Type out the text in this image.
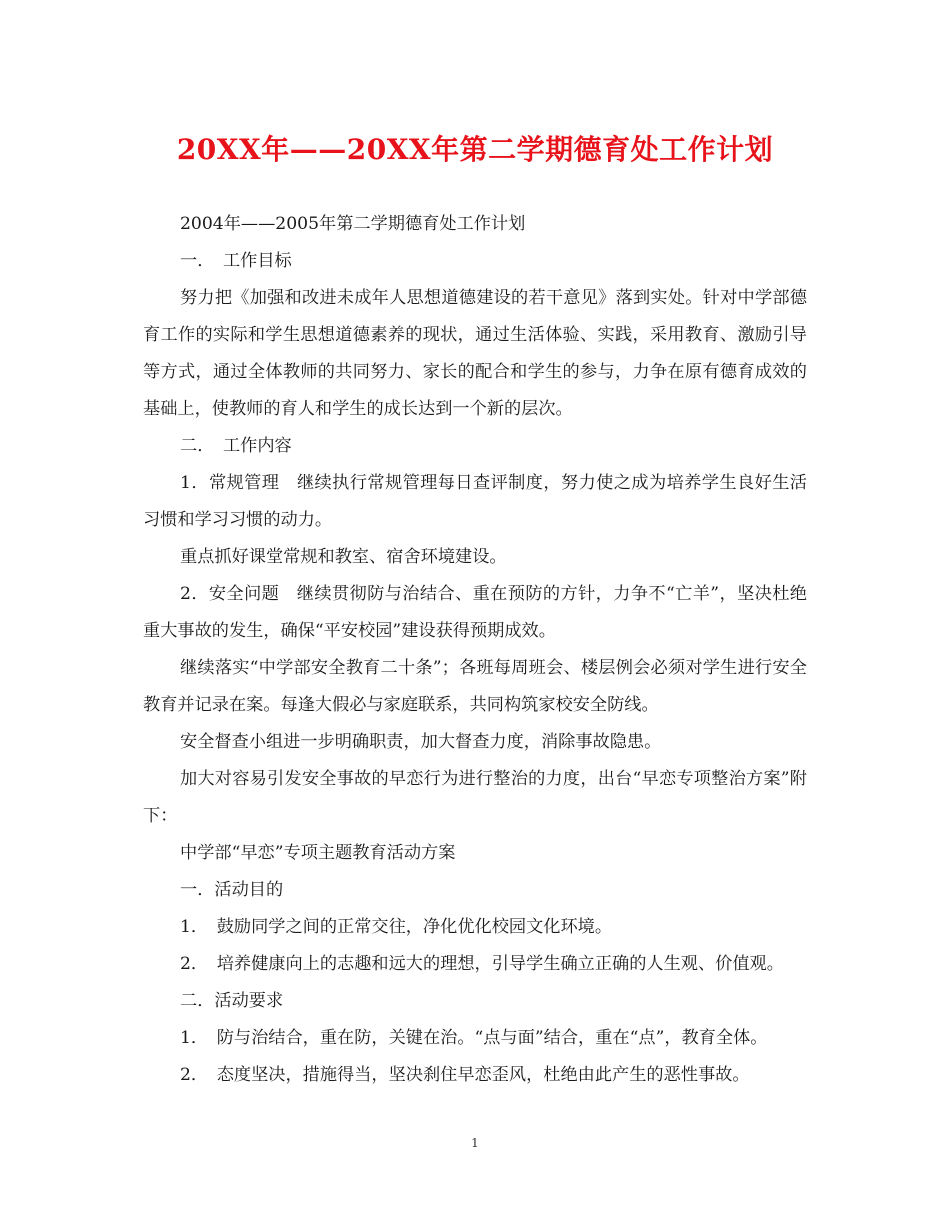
20XX年——20XX年第二学期德育处工作计划

2004年——2005年第二学期德育处工作计划

一．　工作目标

努力把《加强和改进未成年人思想道德建设的若干意见》落到实处。针对中学部德育工作的实际和学生思想道德素养的现状，通过生活体验、实践，采用教育、激励引导等方式，通过全体教师的共同努力、家长的配合和学生的参与，力争在原有德育成效的基础上，使教师的育人和学生的成长达到一个新的层次。

二．　工作内容

1．常规管理　继续执行常规管理每日查评制度，努力使之成为培养学生良好生活习惯和学习习惯的动力。

重点抓好课堂常规和教室、宿舍环境建设。

2．安全问题　继续贯彻防与治结合、重在预防的方针，力争不“亡羊”，坚决杜绝重大事故的发生，确保“平安校园”建设获得预期成效。

继续落实“中学部安全教育二十条”；各班每周班会、楼层例会必须对学生进行安全教育并记录在案。每逢大假必与家庭联系，共同构筑家校安全防线。

安全督查小组进一步明确职责，加大督查力度，消除事故隐患。

加大对容易引发安全事故的早恋行为进行整治的力度，出台“早恋专项整治方案”附下：

中学部“早恋”专项主题教育活动方案

一．活动目的

1．　鼓励同学之间的正常交往，净化优化校园文化环境。

2．　培养健康向上的志趣和远大的理想，引导学生确立正确的人生观、价值观。

二．活动要求

1．　防与治结合，重在防，关键在治。“点与面”结合，重在“点”，教育全体。

2．　态度坚决，措施得当，坚决刹住早恋歪风，杜绝由此产生的恶性事故。

1
